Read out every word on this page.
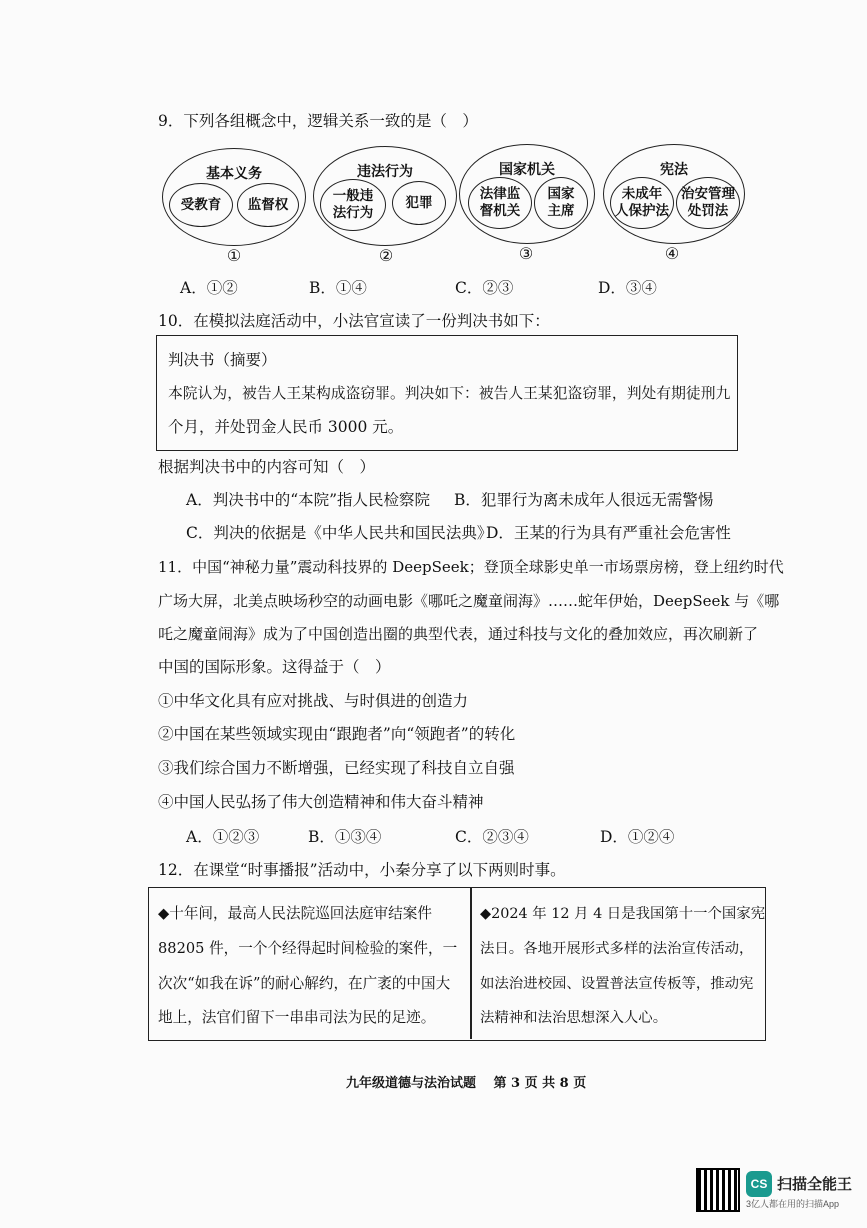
9．下列各组概念中，逻辑关系一致的是（　）
基本义务
受教育	监督权
①
违法行为
一般违
法行为
犯罪
②
国家机关
法律监
督机关
国家
主席
③
宪法
未成年
人保护法
治安管理
处罚法
④
A．①②	B．①④	C．②③	D．③④
10．在模拟法庭活动中，小法官宣读了一份判决书如下：
判决书（摘要）
本院认为，被告人王某构成盗窃罪。判决如下：被告人王某犯盗窃罪，判处有期徒刑九
个月，并处罚金人民币 3000 元。
根据判决书中的内容可知（　）
A．判决书中的“本院”指人民检察院 B．犯罪行为离未成年人很远无需警惕
C．判决的依据是《中华人民共和国民法典》
D．王某的行为具有严重社会危害性
11．中国“神秘力量”震动科技界的 DeepSeek；登顶全球影史单一市场票房榜，登上纽约时代
广场大屏，北美点映场秒空的动画电影《哪吒之魔童闹海》……蛇年伊始，DeepSeek 与《哪
吒之魔童闹海》成为了中国创造出圈的典型代表，通过科技与文化的叠加效应，再次刷新了
中国的国际形象。这得益于（　）
①中华文化具有应对挑战、与时俱进的创造力
②中国在某些领域实现由“跟跑者”向“领跑者”的转化
③我们综合国力不断增强，已经实现了科技自立自强
④中国人民弘扬了伟大创造精神和伟大奋斗精神
A．①②③	B．①③④	C．②③④	D．①②④
12．在课堂“时事播报”活动中，小秦分享了以下两则时事。
◆十年间，最高人民法院巡回法庭审结案件
88205 件，一个个经得起时间检验的案件，一
次次“如我在诉”的耐心解约，在广袤的中国大
地上，法官们留下一串串司法为民的足迹。
◆2024 年 12 月 4 日是我国第十一个国家宪
法日。各地开展形式多样的法治宣传活动，
如法治进校园、设置普法宣传板等，推动宪
法精神和法治思想深入人心。
九年级道德与法治试题　 第 3 页 共 8 页
CS 扫描全能王
3亿人都在用的扫描App
